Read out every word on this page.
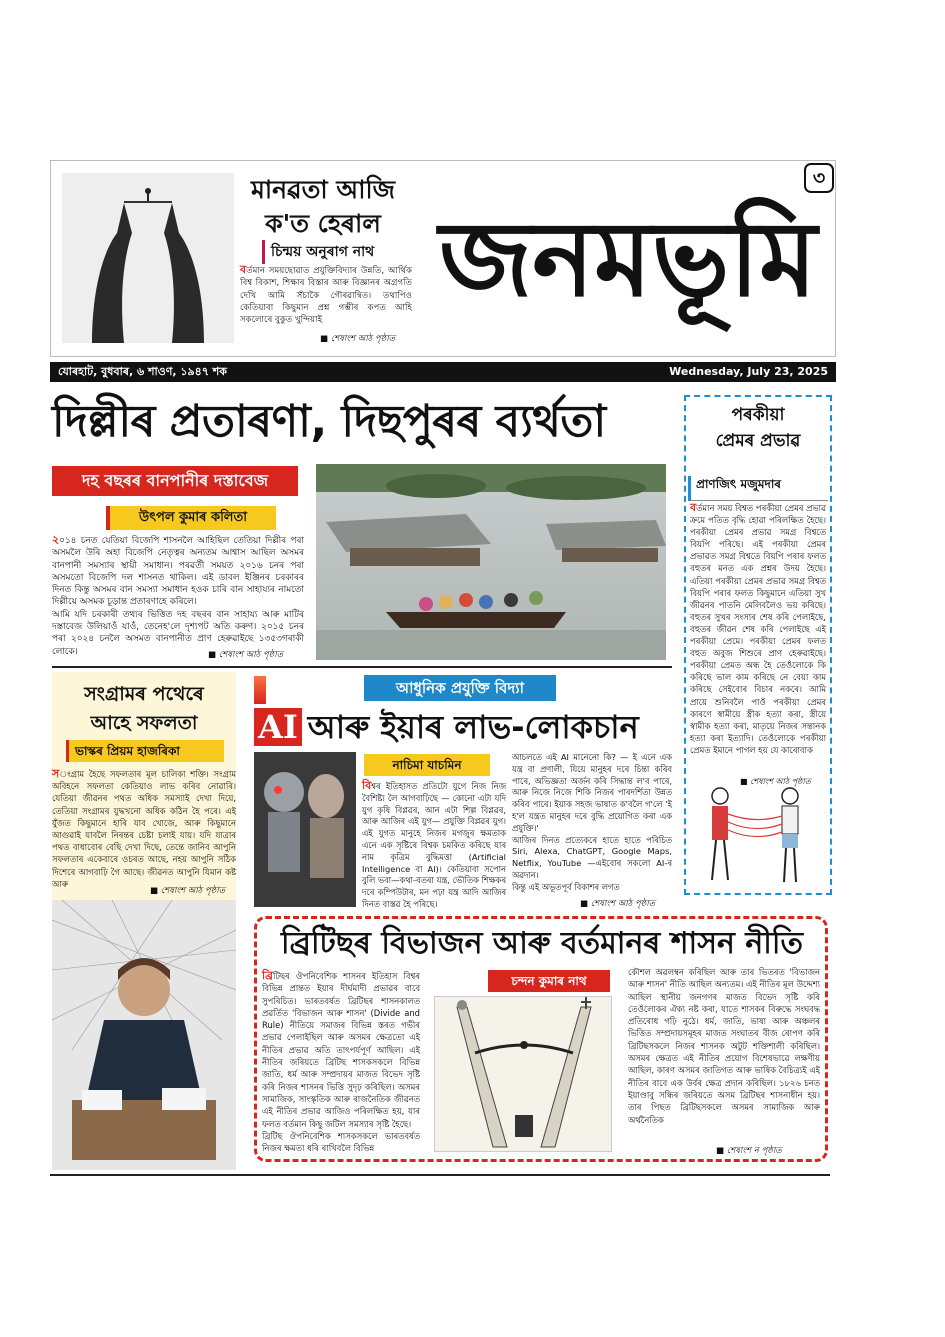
মানৱতা আজি
ক'ত হেৰাল
চিন্ময় অনুৰাগ নাথ
বৰ্তমান সময়ছোৱাত প্ৰযুক্তিবিদ্যাৰ উন্নতি, আৰ্থিক বিশ্ব বিকাশ, শিক্ষাৰ বিস্তাৰ আৰু বিজ্ঞানৰ অগ্ৰগতি দেখি আমি সঁচাকৈ গৌৰৱান্বিত। তথাপিও কেতিয়াবা কিছুমান প্ৰশ্ন গম্ভীৰ কপত আহি সকলোৰে বুকুত খুন্দিয়াই
■ শেষাংশ আঠ পৃষ্ঠাত
জনমভূমি
৩
যোৰহাট, বুধবাৰ, ৬ শাওণ, ১৯৪৭ শক	Wednesday, July 23, 2025
দিল্লীৰ প্ৰতাৰণা, দিছপুৰৰ ব্যৰ্থতা
দহ বছৰৰ বানপানীৰ দস্তাবেজ
উৎপল কুমাৰ কলিতা
২০১৪ চনত যেতিয়া বিজেপি শাসনলৈ আহিছিল তেতিয়া দিল্লীৰ পৰা অসমলৈ উৰি অহা বিজেপি নেতৃত্বৰ অন্যতম আশ্বাস আছিল অসমৰ বানপানী সমস্যাৰ স্থায়ী সমাধান। পৰৱৰ্তী সময়ত ২০১৬ চনৰ পৰা অসমতো বিজেপি দল শাসনত থাকিল। এই ডাবল ইঞ্জিনৰ চৰকাৰৰ দিনত কিন্তু অসমৰ বান সমস্যা সমাধান হওক চাৰি বান সাহায্যৰ নামতো দিল্লীয়ে অসমক চূড়ান্ত প্ৰতাৰণাহে কৰিলে।
আমি যদি চৰকাৰী তথ্যৰ ভিত্তিত দহ বছৰৰ বান সাহায্য আৰু মাটিৰ দস্তাবেজ উলিয়াওঁ যাওঁ, তেনেহ'লে দৃশ্যপট অতি কৰুণ। ২০১৫ চনৰ পৰা ২০২৪ চনলৈ অসমত বানপানীত প্ৰাণ হেৰুৱাইছে ১৩৫৩গৰাকী লোকে।	■ শেষাংশ আঠ পৃষ্ঠাত
পৰকীয়া
প্ৰেমৰ প্ৰভাৱ
প্ৰাণজিৎ মজুমদাৰ
বৰ্তমান সময় বিশ্বত পৰকীয়া প্ৰেমৰ প্ৰভাৱ ক্ৰমে পতিত বৃদ্ধি হোৱা পৰিলক্ষিত হৈছে। পৰকীয়া প্ৰেমৰ প্ৰভাৱ সমগ্ৰ বিশ্বতে বিয়পি পৰিছে। এই পৰকীয়া প্ৰেমৰ প্ৰভাৱত সমগ্ৰ বিশ্বতে বিয়পি পৰাৰ ফলত বহুতৰ মনত এক প্ৰশ্নৰ উদয় হৈছে। এতিয়া পৰকীয়া প্ৰেমৰ প্ৰভাৱ সমগ্ৰ বিশ্বত বিয়পি পৰাৰ ফলত কিছুমানে এতিয়া সুখ জীৱনৰ পাতনি মেলিবলৈও ভয় কৰিছে। বহুতৰ সুখৰ সংসাৰ শেষ কৰি পেলাইছে, বহুতৰ জীৱন শেষ কৰি পেলাইছে এই পৰকীয়া প্ৰেমে। পৰকীয়া প্ৰেমৰ ফলত বহুত অবুজ শিশুৰে প্ৰাণ হেৰুৱাইছে। পৰকীয়া প্ৰেমত অন্ধ হৈ তেওঁলোকে কি কৰিছে ভাল কাম কৰিছে নে বেয়া কাম কৰিছে সেইবোৰ বিচাৰ নকৰে। আমি প্ৰায়ে শুনিবলৈ পাওঁ পৰকীয়া প্ৰেমৰ কাৰণে স্বামীয়ে স্ত্ৰীক হত্যা কৰা, স্ত্ৰীয়ে স্বামীক হত্যা কৰা, মাতৃয়ে নিজৰ সন্তানক হত্যা কৰা ইত্যাদি। তেওঁলোকে পৰকীয়া প্ৰেমত ইমানে পাগল হয় যে কাৰোবাক
■ শেষাংশ আঠ পৃষ্ঠাত
আধুনিক প্ৰযুক্তি বিদ্যা
AI আৰু ইয়াৰ লাভ-লোকচান
নাচিমা যাচমিন
বিশ্বৰ ইতিহাসত প্ৰতিটো যুগে নিজ নিজ বৈশিষ্ট্য লৈ আগবাঢ়িছে — কোনো এটা যদি যুগ কৃষি বিপ্লৱৰ, আন এটা শিল্প বিপ্লৱৰ, আৰু আজিৰ এই যুগ— প্ৰযুক্তি বিপ্লৱৰ যুগ। এই যুগত মানুহে নিজৰ মগজুৰ ক্ষমতাক এনে এক সৃষ্টিৰে বিশ্বক চমকিত কৰিছে যাৰ নাম কৃত্ৰিম বুদ্ধিমত্তা (Artificial Intelligence বা AI)। কেতিয়াবা সপোন বুলি ভবা—কথা-বতৰা যন্ত্ৰ, ভৌতিক শিক্ষকৰ দৰে কম্পিউটাৰ, মন পঢ়া যন্ত্ৰ আদি আজিৰ দিনত বাস্তৱ হৈ পৰিছে।
আচলতে এই AI মানেনো কি? — ই এনে এক যন্ত্ৰ বা প্ৰণালী, যিয়ে মানুহৰ দৰে চিন্তা কৰিব পাৰে, অভিজ্ঞতা অৰ্জন কৰি সিদ্ধান্ত ল'ব পাৰে, আৰু নিজে নিজে শিকি নিজৰ পাৰদৰ্শিতা উন্নত কৰিব পাৰে। ইয়াক সহজ ভাষাত ক'বলৈ গ'লে 'ই হ'ল যন্ত্ৰত মানুহৰ দৰে বুদ্ধি প্ৰয়োগিত কৰা এক প্ৰযুক্তি।'
আজিৰ দিনত প্ৰত্যেকৰে হাতে হাতে পৰিচিত Siri, Alexa, ChatGPT, Google Maps, Netflix, YouTube —এইবোৰ সকলো AI-ৰ অৱদান।
কিন্তু এই অভূতপূৰ্ব বিকাশৰ লগত
■ শেষাংশ আঠ পৃষ্ঠাত
সংগ্ৰামৰ পথেৰে
আহে সফলতা
ভাস্কৰ প্ৰিয়ম হাজৰিকা
সংগ্ৰাম হৈছে সফলতাৰ মূল চালিকা শক্তি। সংগ্ৰাম অবিহনে সফলতা কেতিয়াও লাভ কৰিব নোৱাৰি। যেতিয়া জীৱনৰ পথত অধিক সমস্যাই দেখা দিয়ে, তেতিয়া সংগ্ৰামৰ যুদ্ধখনো অধিক কঠিন হৈ পৰে। এই যুঁজত কিছুমানে হাৰি যাব খোজে, আৰু কিছুমানে আগুৱাই যাবলৈ নিৰন্তৰ চেষ্টা চলাই যায়। যদি যাত্ৰাৰ পথত বাধাবোৰ বেছি দেখা দিছে, তেন্তে জানিব আপুনি সফলতাৰ একেবাৰে ওচৰত আছে, নহয় আপুনি সঠিক দিশেৰে আগবাঢ়ি গৈ আছে। জীৱনত আপুনি যিমান কষ্ট আৰু
■ শেষাংশ আঠ পৃষ্ঠাত
ব্ৰিটিছৰ বিভাজন আৰু বৰ্তমানৰ শাসন নীতি
ব্ৰিটিছৰ ঔপনিবেশিক শাসনৰ ইতিহাস বিশ্বৰ বিভিন্ন প্ৰান্তত ইয়াৰ দীৰ্ঘমাদী প্ৰভাৱৰ বাবে সুপৰিচিত। ভাৰতবৰ্ষত ব্ৰিটিছৰ শাসনকালত প্ৰৱৰ্তিত 'বিভাজন আৰু শাসন' (Divide and Rule) নীতিয়ে সমাজৰ বিভিন্ন স্তৰত গভীৰ প্ৰভাৱ পেলাইছিল আৰু অসমৰ ক্ষেত্ৰতো এই নীতিৰ প্ৰভাৱ অতি তাৎপৰ্যপূৰ্ণ আছিল। এই নীতিৰ জৰিয়তে ব্ৰিটিছ শাসকসকলে বিভিন্ন জাতি, ধৰ্ম আৰু সম্প্ৰদায়ৰ মাজত বিভেদ সৃষ্টি কৰি নিজৰ শাসনৰ ভিত্তি সুদৃঢ় কৰিছিল। অসমৰ সামাজিক, সাংস্কৃতিক আৰু ৰাজনৈতিক জীৱনত এই নীতিৰ প্ৰভাৱ আজিও পৰিলক্ষিত হয়, যাৰ ফলত বৰ্তমান কিছু জটিল সমস্যাৰ সৃষ্টি হৈছে।
ব্ৰিটিছ ঔপনিবেশিক শাসকসকলে ভাৰতবৰ্ষত নিজৰ ক্ষমতা ধৰি ৰাখিবলৈ বিভিন্ন
চন্দন কুমাৰ নাথ
কৌশল অৱলম্বন কৰিছিল আৰু তাৰ ভিতৰত 'বিভাজন আৰু শাসন' নীতি আছিল অন্যতম। এই নীতিৰ মূল উদ্দেশ্য আছিল স্থানীয় জনগণৰ মাজত বিভেদ সৃষ্টি কৰি তেওঁলোকৰ ঐক্য নষ্ট কৰা, যাতে শাসকৰ বিৰুদ্ধে সংঘবদ্ধ প্ৰতিৰোধ গঢ়ি নুঠে। ধৰ্ম, জাতি, ভাষা আৰু অঞ্চলৰ ভিত্তিত সম্প্ৰদায়সমূহৰ মাজত সংঘাতৰ বীজ ৰোপণ কৰি ব্ৰিটিছসকলে নিজৰ শাসনক অটুট শক্তিশালী কৰিছিল। অসমৰ ক্ষেত্ৰত এই নীতিৰ প্ৰয়োগ বিশেষভাৱে লক্ষণীয় আছিল, কাৰণ অসমৰ জাতিগত আৰু ভাষিক বৈচিত্ৰ্যই এই নীতিৰ বাবে এক উৰ্বৰ ক্ষেত্ৰ প্ৰদান কৰিছিল। ১৮২৬ চনত ইয়াণ্ডাবু সন্ধিৰ জৰিয়তে অসম ব্ৰিটিছৰ শাসনাধীন হয়। তাৰ পিছত ব্ৰিটিছসকলে অসমৰ সামাজিক আৰু অৰ্থনৈতিক
■ শেষাংশ ন পৃষ্ঠাত
